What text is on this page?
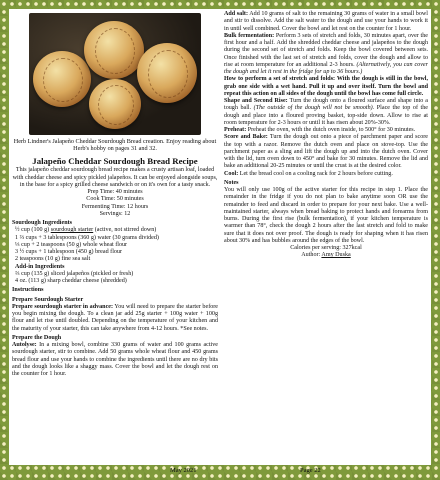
Herb Lindner's Jalapeño Cheddar Sourdough Bread creation. Enjoy reading about Herb's hobby on pages 31 and 32.
Jalapeño Cheddar Sourdough Bread Recipe
This jalapeño cheddar sourdough bread recipe makes a crusty artisan loaf, loaded with cheddar cheese and spicy pickled jalapeños. It can be enjoyed alongside soups, in the base for a spicy grilled cheese sandwich or on it's own for a tasty snack.
Prep Time: 40 minutes
Cook Time: 50 minutes
Fermenting Time: 12 hours
Servings: 12
Sourdough Ingredients
½ cup (100 g) sourdough starter (active, not stirred down)
1 ⅔ cups + 3 tablespoons (360 g) water (30 grams divided)
⅓ cup + 2 teaspoons (50 g) whole wheat flour
3 ½ cups + 1 tablespoon (450 g) bread flour
2 teaspoons (10 g) fine sea salt
Add-in Ingredients
⅔ cup (135 g) sliced jalapeños (pickled or fresh)
4 oz. (113 g) sharp cheddar cheese (shredded)
Instructions
Prepare Sourdough Starter
Prepare sourdough starter in advance: You will need to prepare the starter before you begin mixing the dough. To a clean jar add 25g starter + 100g water + 100g flour and let rise until doubled. Depending on the temperature of your kitchen and the maturity of your starter, this can take anywhere from 4-12 hours. *See notes.
Prepare the Dough
Autolyse: In a mixing bowl, combine 330 grams of water and 100 grams active sourdough starter, stir to combine. Add 50 grams whole wheat flour and 450 grams bread flour and use your hands to combine the ingredients until there are no dry bits and the dough looks like a shaggy mass. Cover the bowl and let the dough rest on the counter for 1 hour.
Add salt: Add 10 grams of salt to the remaining 30 grams of water in a small bowl and stir to dissolve. Add the salt water to the dough and use your hands to work it in until well combined. Cover the bowl and let rest on the counter for 1 hour.
Bulk fermentation: Perform 3 sets of stretch and folds, 30 minutes apart, over the first hour and a half. Add the shredded cheddar cheese and jalapeños to the dough during the second set of stretch and folds. Keep the bowl covered between sets. Once finished with the last set of stretch and folds, cover the dough and allow to rise at room temperature for an additional 2-3 hours. (Alternatively, you can cover the dough and let it rest in the fridge for up to 36 hours.)
How to perform a set of stretch and folds: With the dough is still in the bowl, grab one side with a wet hand. Pull it up and over itself. Turn the bowl and repeat this action on all sides of the dough until the bowl has come full circle.
Shape and Second Rise: Turn the dough onto a floured surface and shape into a tough ball. (The outside of the dough will not be smooth). Place the top of the dough and place into a floured proving basket, top-side down. Allow to rise at room temperature for 2-3 hours or until it has risen about 20%-30%.
Preheat: Preheat the oven, with the dutch oven inside, to 500° for 30 minutes.
Score and Bake: Turn the dough out onto a piece of parchment paper and score the top with a razor. Remove the dutch oven and place on stove-top. Use the parchment paper as a sling and lift the dough up and into the dutch oven. Cover with the lid, turn oven down to 450° and bake for 30 minutes. Remove the lid and bake an additional 20-25 minutes or until the crust is at the desired color.
Cool: Let the bread cool on a cooling rack for 2 hours before cutting.
Notes
You will only use 100g of the active starter for this recipe in step 1. Place the remainder in the fridge if you do not plan to bake anytime soon OR use the remainder to feed and discard in order to prepare for your next bake. Use a well-maintained starter, always when bread baking to protect hands and forearms from burns. During the first rise (bulk fermentation), if your kitchen temperature is warmer than 78°, check the dough 2 hours after the last stretch and fold to make sure that it does not over proof. The dough is ready for shaping when it has risen about 30% and has bubbles around the edges of the bowl.
Calories per serving: 327kcal
Author: Amy Duska
May 2021	Page 22
